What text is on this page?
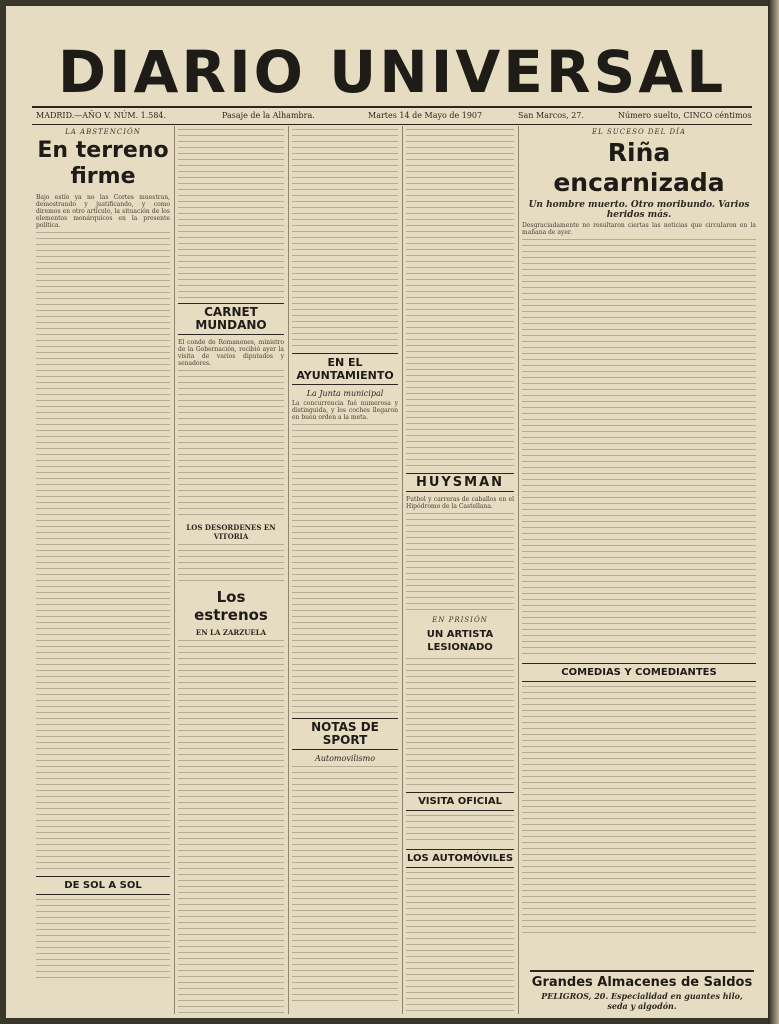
DIARIO UNIVERSAL
MADRID.—AÑO V. NÚM. 1.584.	Pasaje de la Alhambra.	Martes 14 de Mayo de 1907	San Marcos, 27.	Número suelto, CINCO céntimos
LA ABSTENCIÓN
En terreno firme
Bajo estío ya no las Cortes muestran, demostrando y justificando, y como diremos en otro artículo, la situación de los elementos monárquicos en la presente política.
DE SOL A SOL
CARNET MUNDANO
El conde de Romanones, ministro de la Gobernación, recibió ayer la visita de varios diputados y senadores.
LOS DESORDENES EN VITORIA
Los estrenos
EN LA ZARZUELA
EN EL AYUNTAMIENTO
La Junta municipal
La concurrencia fué numerosa y distinguida, y los coches llegaron en buen orden a la meta.
NOTAS DE SPORT
Automovilismo
HUYSMAN
Futbol y carreras de caballos en el Hipódromo de la Castellana.
EN PRISIÓN
UN ARTISTA LESIONADO
VISITA OFICIAL
LOS AUTOMÓVILES
EL SUCESO DEL DÍA
Riña encarnizada
Un hombre muerto. Otro moribundo. Varios heridos más.
Desgraciadamente no resultaron ciertas las noticias que circularon en la mañana de ayer.
COMEDIAS Y COMEDIANTES
Grandes Almacenes de Saldos
PELIGROS, 20. Especialidad en guantes hilo, seda y algodón.
